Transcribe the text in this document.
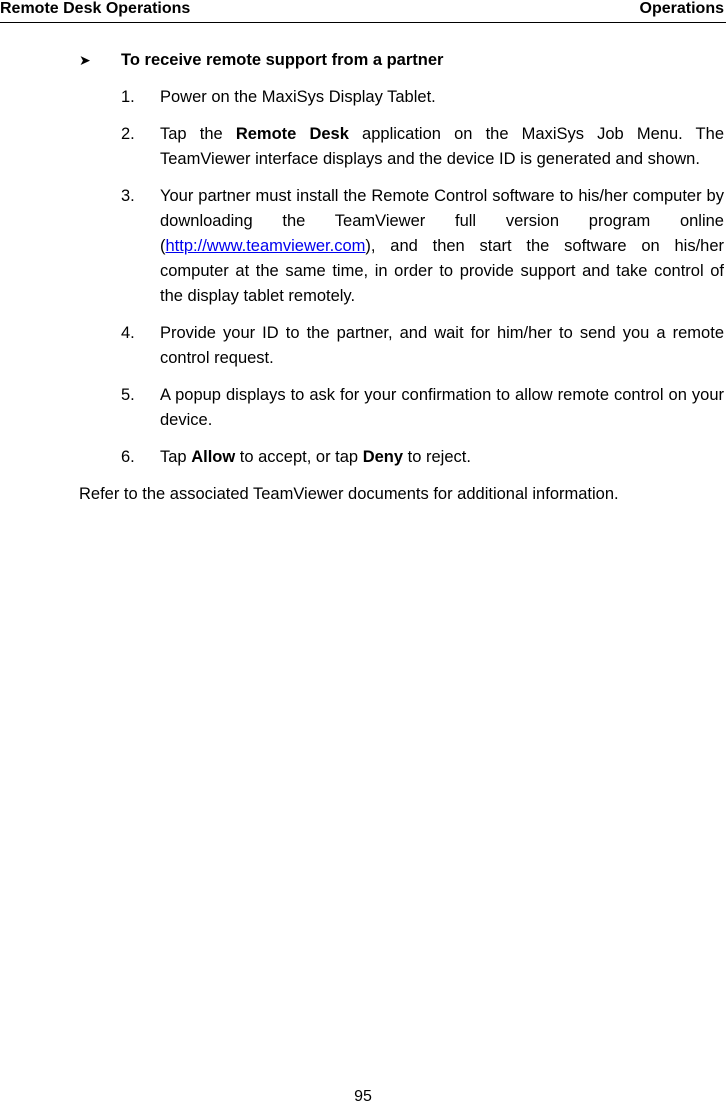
Remote Desk Operations	Operations
➤ To receive remote support from a partner
1. Power on the MaxiSys Display Tablet.
2. Tap the Remote Desk application on the MaxiSys Job Menu. The TeamViewer interface displays and the device ID is generated and shown.
3. Your partner must install the Remote Control software to his/her computer by downloading the TeamViewer full version program online (http://www.teamviewer.com), and then start the software on his/her computer at the same time, in order to provide support and take control of the display tablet remotely.
4. Provide your ID to the partner, and wait for him/her to send you a remote control request.
5. A popup displays to ask for your confirmation to allow remote control on your device.
6. Tap Allow to accept, or tap Deny to reject.
Refer to the associated TeamViewer documents for additional information.
95
